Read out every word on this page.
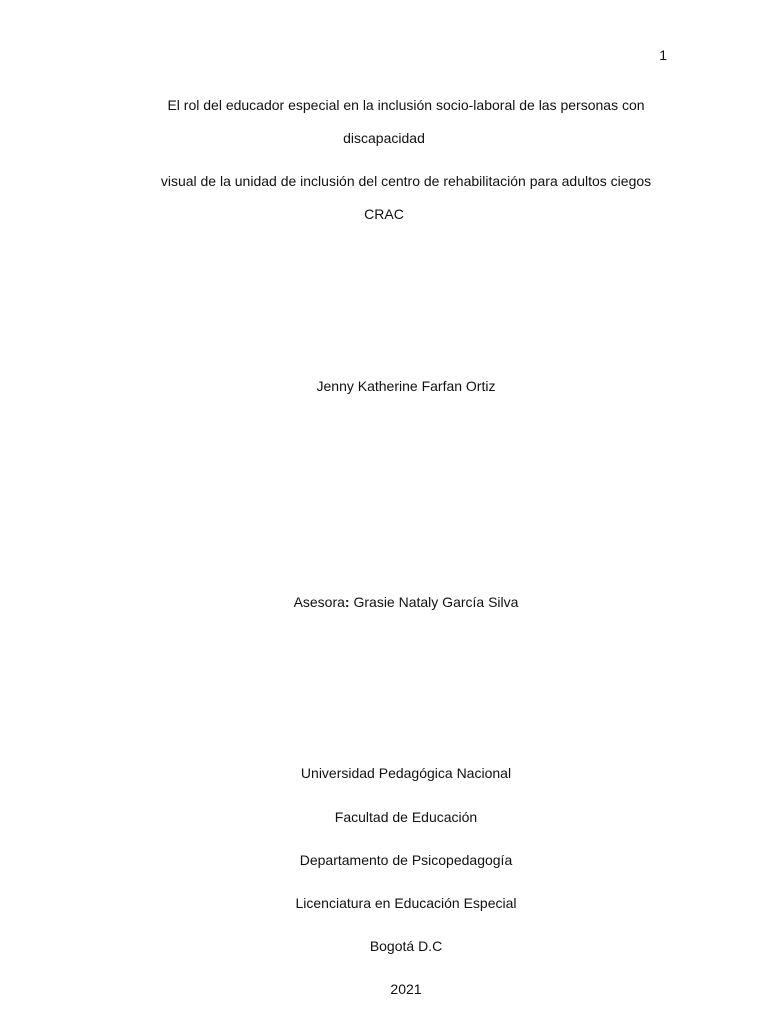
1
El rol del educador especial en la inclusión socio-laboral de las personas con
discapacidad
visual de la unidad de inclusión del centro de rehabilitación para adultos ciegos
CRAC
Jenny Katherine Farfan Ortiz
Asesora: Grasie Nataly García Silva
Universidad Pedagógica Nacional
Facultad de Educación
Departamento de Psicopedagogía
Licenciatura en Educación Especial
Bogotá D.C
2021
